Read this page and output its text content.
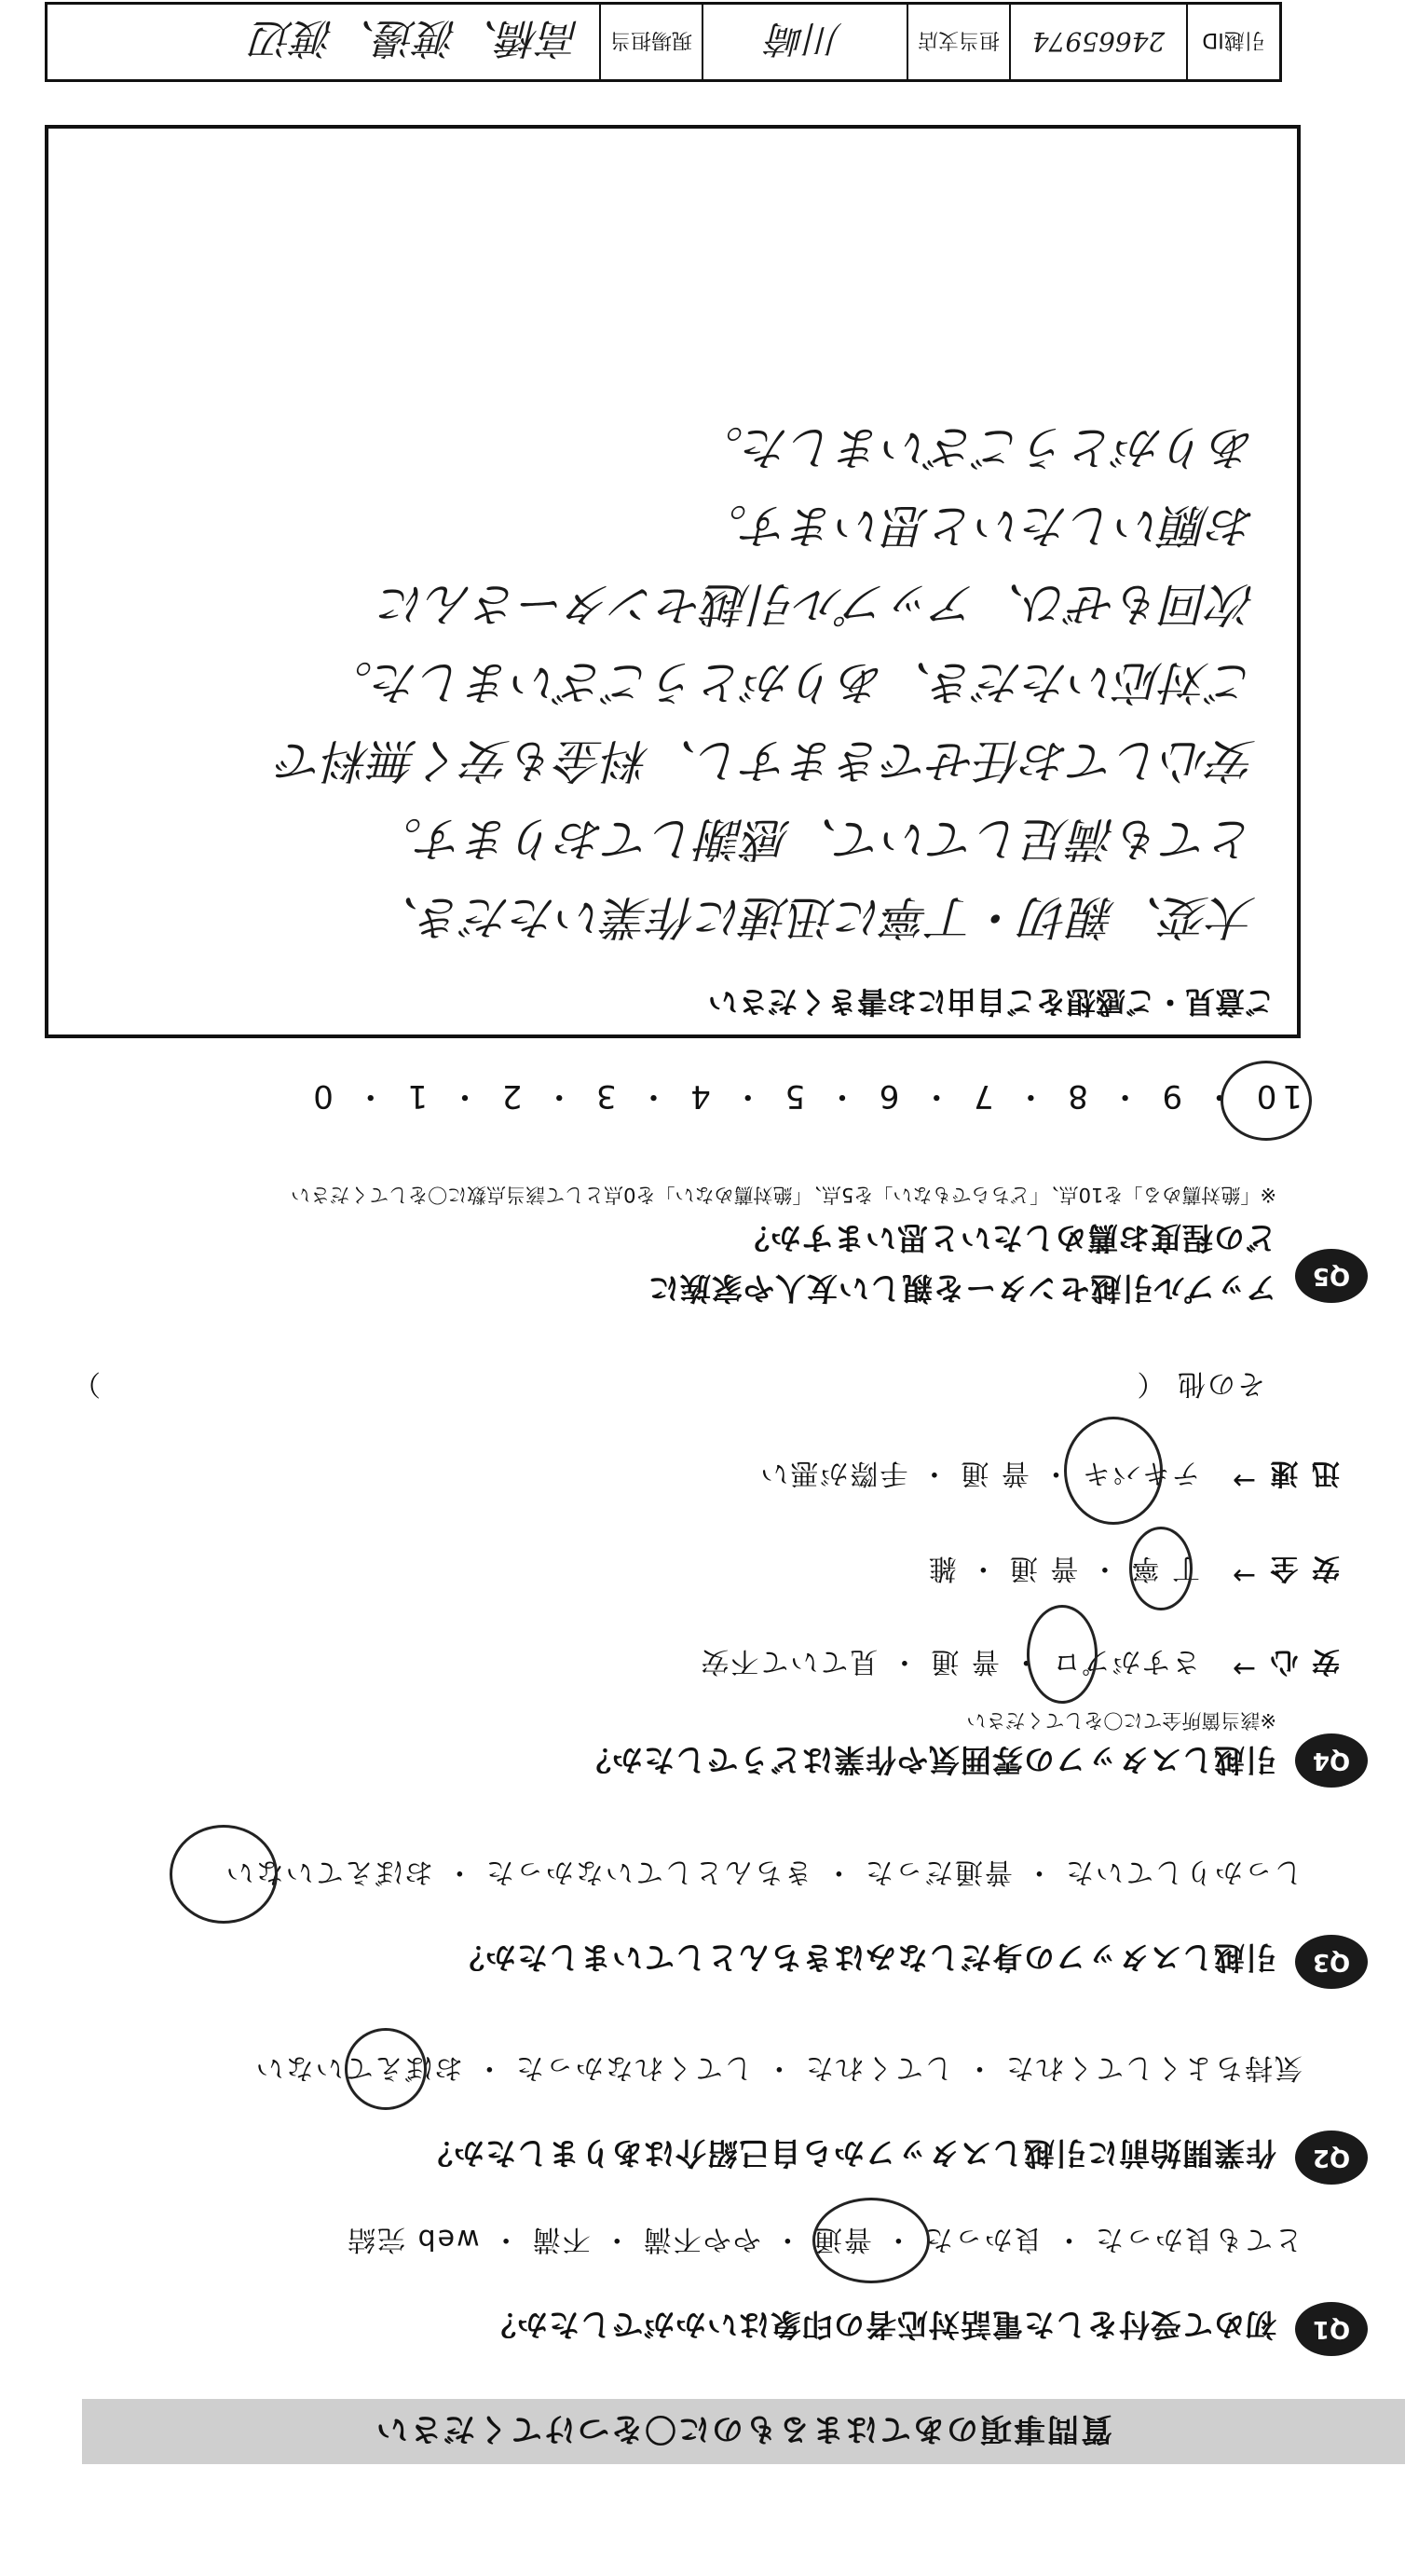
質問事項のあてはまるものに〇をつけてください
Q1
初めて受付をした電話対応者の印象はいかがでしたか？
とても良かった ・ 良かった ・ 普通 ・ やや不満 ・ 不満 ・ web 完結
Q2
作業開始前に引越しスタッフから自己紹介はありましたか？
気持ちよくしてくれた ・ してくれた ・ してくれなかった ・ おぼえていない
Q3
引越しスタッフの身だしなみはきちんとしていましたか？
しっかりしていた ・ 普通だった ・ きちんとしていなかった ・ おぼえていない
Q4
引越しスタッフの雰囲気や作業はどうでしたか？
※該当箇所全てに〇をしてください
安 心
→
さすがプロ ・ 普 通 ・ 見ていて不安
安 全
→
丁 寧 ・ 普 通 ・ 雑
迅 速
→
テキパキ ・ 普 通 ・ 手際が悪い
その他 （
）
Q5
アップル引越センターを親しい友人や家族に
どの程度お薦めしたいと思いますか？
※「絶対薦める」を10点、「どちらでもない」を5点、「絶対薦めない」を0点として該当点数に〇をしてください
10 ・ 9 ・ 8 ・ 7 ・ 6 ・ 5 ・ 4 ・ 3 ・ 2 ・ 1 ・ 0
ご意見・ご感想をご自由にお書きください
大変、親切・丁寧に迅速に作業いただき、
とても満足していて、感謝しております。
安心してお任せできますし、料金も安く無料で
ご対応いただき、ありがとうございました。
次回もぜひ、アップル引越センターさんに
お願いしたいと思います。
ありがとうございました。
引越ID
24665974
担当支店
川崎
現場担当
高橋、渡邊、渡辺
